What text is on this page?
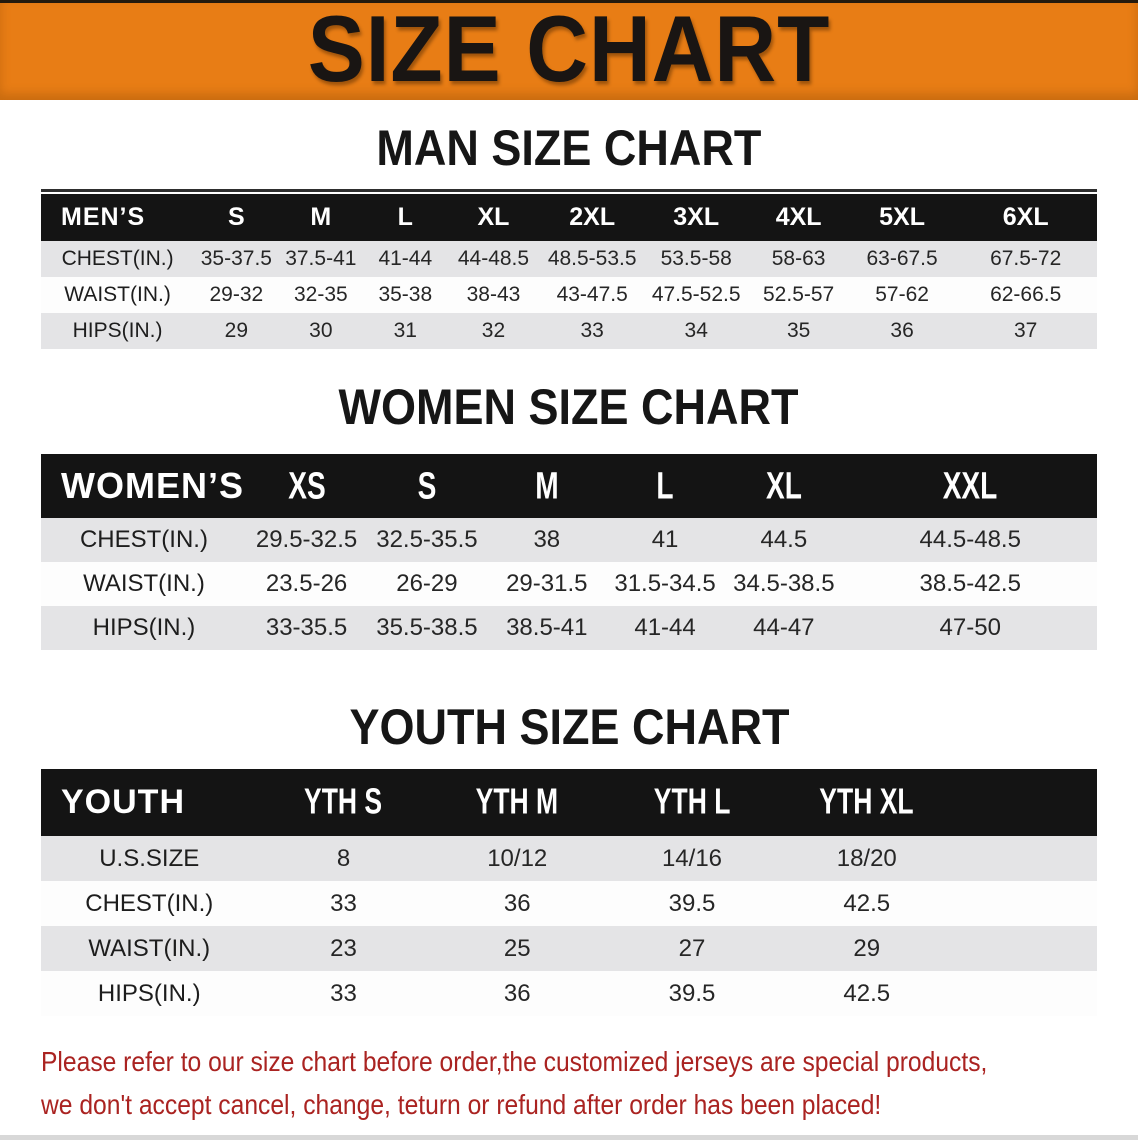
SIZE CHART
MAN SIZE CHART
MEN’S	S	M	L	XL	2XL	3XL	4XL	5XL	6XL
CHEST(IN.)	35-37.5	37.5-41	41-44	44-48.5	48.5-53.5	53.5-58	58-63	63-67.5	67.5-72
WAIST(IN.)	29-32	32-35	35-38	38-43	43-47.5	47.5-52.5	52.5-57	57-62	62-66.5
HIPS(IN.)	29	30	31	32	33	34	35	36	37
WOMEN SIZE CHART
WOMEN’S	XS	S	M	L	XL	XXL
CHEST(IN.)	29.5-32.5	32.5-35.5	38	41	44.5	44.5-48.5
WAIST(IN.)	23.5-26	26-29	29-31.5	31.5-34.5	34.5-38.5	38.5-42.5
HIPS(IN.)	33-35.5	35.5-38.5	38.5-41	41-44	44-47	47-50
YOUTH SIZE CHART
YOUTH	YTH S	YTH M	YTH L	YTH XL	
U.S.SIZE	8	10/12	14/16	18/20	
CHEST(IN.)	33	36	39.5	42.5	
WAIST(IN.)	23	25	27	29	
HIPS(IN.)	33	36	39.5	42.5	
Please refer to our size chart before order,the customized jerseys are special products,
we don't accept cancel, change, teturn or refund after order has been placed!
